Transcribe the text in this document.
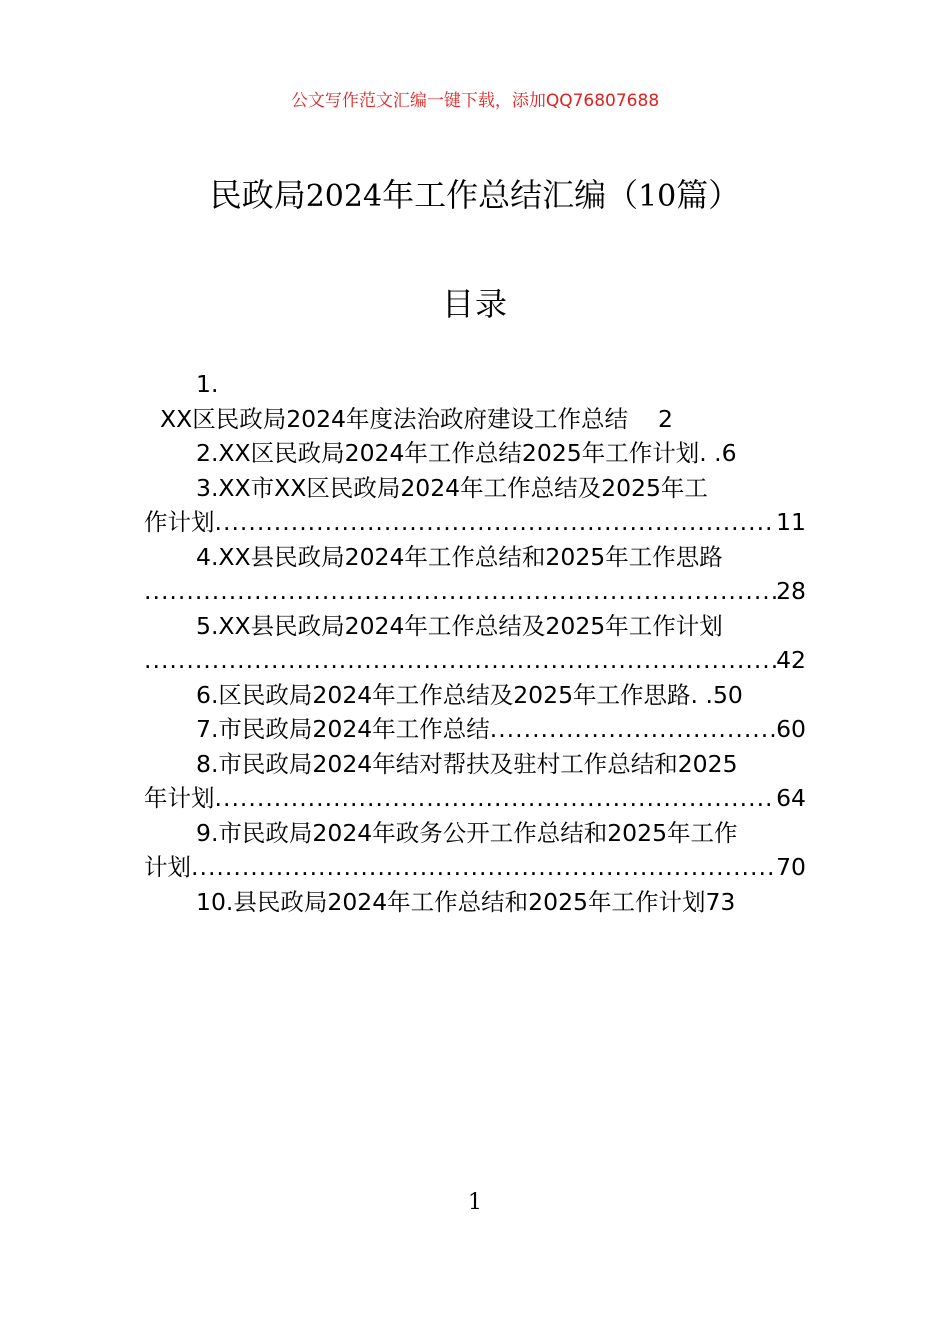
公文写作范文汇编一键下载，添加QQ76807688
民政局2024年工作总结汇编（10篇）
目录
1.
XX区民政局2024年度法治政府建设工作总结 2
2.XX区民政局2024年工作总结2025年工作计划. .6
3.XX市XX区民政局2024年工作总结及2025年工
作计划 .....	11
4.XX县民政局2024年工作总结和2025年工作思路
.....
28
5.XX县民政局2024年工作总结及2025年工作计划
.....
42
6.区民政局2024年工作总结及2025年工作思路. .50
7.市民政局2024年工作总结 .....	60
8.市民政局2024年结对帮扶及驻村工作总结和2025
年计划 .....	64
9.市民政局2024年政务公开工作总结和2025年工作
计划 .....	70
10.县民政局2024年工作总结和2025年工作计划73
1
